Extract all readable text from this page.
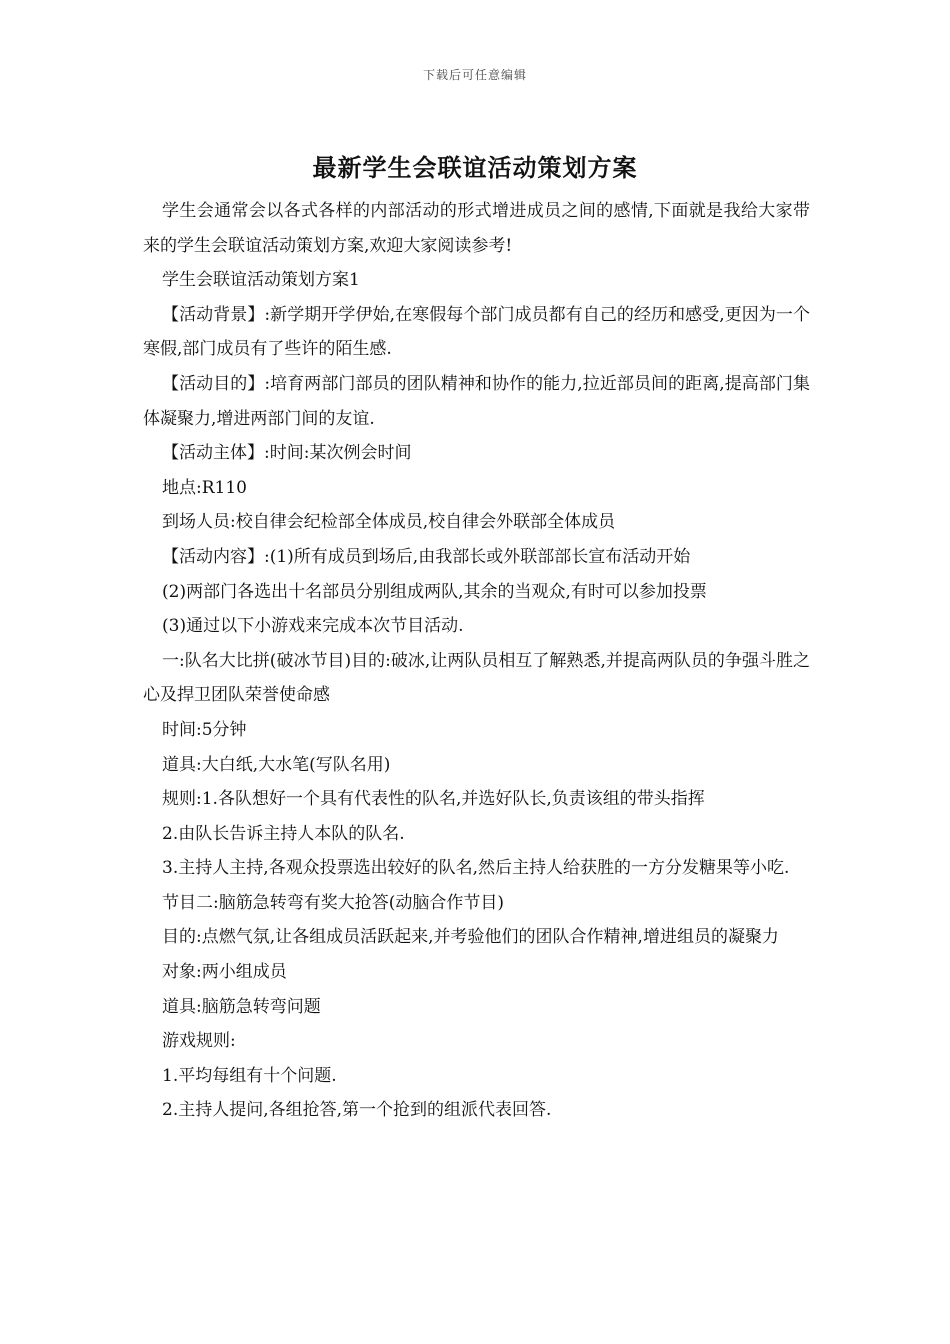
下载后可任意编辑
最新学生会联谊活动策划方案

学生会通常会以各式各样的内部活动的形式增进成员之间的感情,下面就是我给大家带来的学生会联谊活动策划方案,欢迎大家阅读参考!

学生会联谊活动策划方案1

【活动背景】:新学期开学伊始,在寒假每个部门成员都有自己的经历和感受,更因为一个寒假,部门成员有了些许的陌生感.

【活动目的】:培育两部门部员的团队精神和协作的能力,拉近部员间的距离,提高部门集体凝聚力,增进两部门间的友谊.

【活动主体】:时间:某次例会时间

地点:R110

到场人员:校自律会纪检部全体成员,校自律会外联部全体成员

【活动内容】:(1)所有成员到场后,由我部长或外联部部长宣布活动开始

(2)两部门各选出十名部员分别组成两队,其余的当观众,有时可以参加投票

(3)通过以下小游戏来完成本次节目活动.

一:队名大比拼(破冰节目)目的:破冰,让两队员相互了解熟悉,并提高两队员的争强斗胜之心及捍卫团队荣誉使命感

时间:5分钟

道具:大白纸,大水笔(写队名用)

规则:1.各队想好一个具有代表性的队名,并选好队长,负责该组的带头指挥

2.由队长告诉主持人本队的队名.

3.主持人主持,各观众投票选出较好的队名,然后主持人给获胜的一方分发糖果等小吃.

节目二:脑筋急转弯有奖大抢答(动脑合作节目)

目的:点燃气氛,让各组成员活跃起来,并考验他们的团队合作精神,增进组员的凝聚力

对象:两小组成员

道具:脑筋急转弯问题

游戏规则:

1.平均每组有十个问题.

2.主持人提问,各组抢答,第一个抢到的组派代表回答.
